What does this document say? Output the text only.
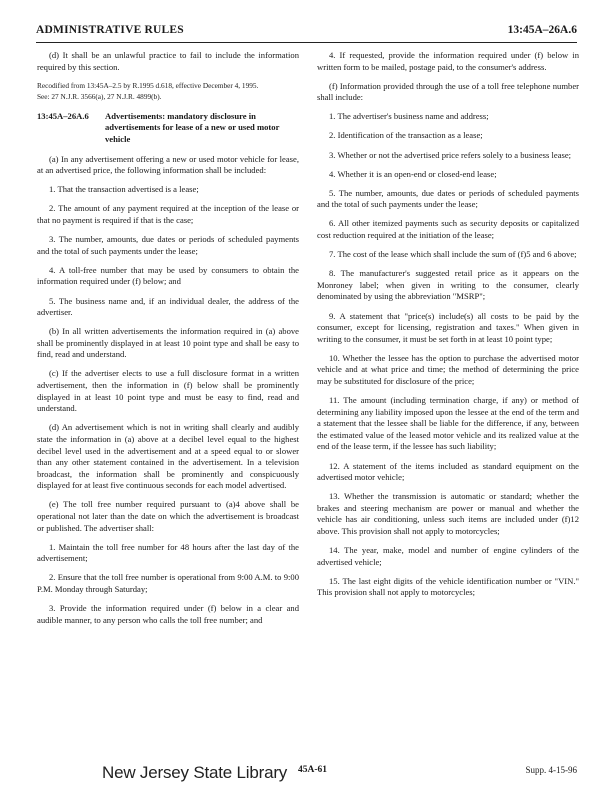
ADMINISTRATIVE RULES	13:45A–26A.6

(d) It shall be an unlawful practice to fail to include the information required by this section.

Recodified from 13:45A–2.5 by R.1995 d.618, effective December 4, 1995.

See: 27 N.J.R. 3566(a), 27 N.J.R. 4899(b).

13:45A–26A.6	Advertisements: mandatory disclosure in advertisements for lease of a new or used motor vehicle

(a) In any advertisement offering a new or used motor vehicle for lease, at an advertised price, the following information shall be included:

1. That the transaction advertised is a lease;

2. The amount of any payment required at the inception of the lease or that no payment is required if that is the case;

3. The number, amounts, due dates or periods of scheduled payments and the total of such payments under the lease;

4. A toll-free number that may be used by consumers to obtain the information required under (f) below; and

5. The business name and, if an individual dealer, the address of the advertiser.

(b) In all written advertisements the information required in (a) above shall be prominently displayed in at least 10 point type and shall be easy to find, read and understand.

(c) If the advertiser elects to use a full disclosure format in a written advertisement, then the information in (f) below shall be prominently displayed in at least 10 point type and must be easy to find, read and understand.

(d) An advertisement which is not in writing shall clearly and audibly state the information in (a) above at a decibel level equal to the highest decibel level used in the advertisement and at a speed equal to or slower than any other statement contained in the advertisement. In a television broadcast, the information shall be prominently and conspicuously displayed for at least five continuous seconds for each model advertised.

(e) The toll free number required pursuant to (a)4 above shall be operational not later than the date on which the advertisement is broadcast or published. The advertiser shall:

1. Maintain the toll free number for 48 hours after the last day of the advertisement;

2. Ensure that the toll free number is operational from 9:00 A.M. to 9:00 P.M. Monday through Saturday;

3. Provide the information required under (f) below in a clear and audible manner, to any person who calls the toll free number; and

4. If requested, provide the information required under (f) below in written form to be mailed, postage paid, to the consumer's address.

(f) Information provided through the use of a toll free telephone number shall include:

1. The advertiser's business name and address;

2. Identification of the transaction as a lease;

3. Whether or not the advertised price refers solely to a business lease;

4. Whether it is an open-end or closed-end lease;

5. The number, amounts, due dates or periods of scheduled payments and the total of such payments under the lease;

6. All other itemized payments such as security deposits or capitalized cost reduction required at the initiation of the lease;

7. The cost of the lease which shall include the sum of (f)5 and 6 above;

8. The manufacturer's suggested retail price as it appears on the Monroney label; when given in writing to the consumer, clearly denominated by using the abbreviation "MSRP";

9. A statement that "price(s) include(s) all costs to be paid by the consumer, except for licensing, registration and taxes." When given in writing to the consumer, it must be set forth in at least 10 point type;

10. Whether the lessee has the option to purchase the advertised motor vehicle and at what price and time; the method of determining the price may be substituted for disclosure of the price;

11. The amount (including termination charge, if any) or method of determining any liability imposed upon the lessee at the end of the term and a statement that the lessee shall be liable for the difference, if any, between the estimated value of the leased motor vehicle and its realized value at the end of the lease term, if the lessee has such liability;

12. A statement of the items included as standard equipment on the advertised motor vehicle;

13. Whether the transmission is automatic or standard; whether the brakes and steering mechanism are power or manual and whether the vehicle has air conditioning, unless such items are included under (f)12 above. This provision shall not apply to motorcycles;

14. The year, make, model and number of engine cylinders of the advertised vehicle;

15. The last eight digits of the vehicle identification number or "VIN." This provision shall not apply to motorcycles;

New Jersey State Library 45A-61	Supp. 4-15-96
